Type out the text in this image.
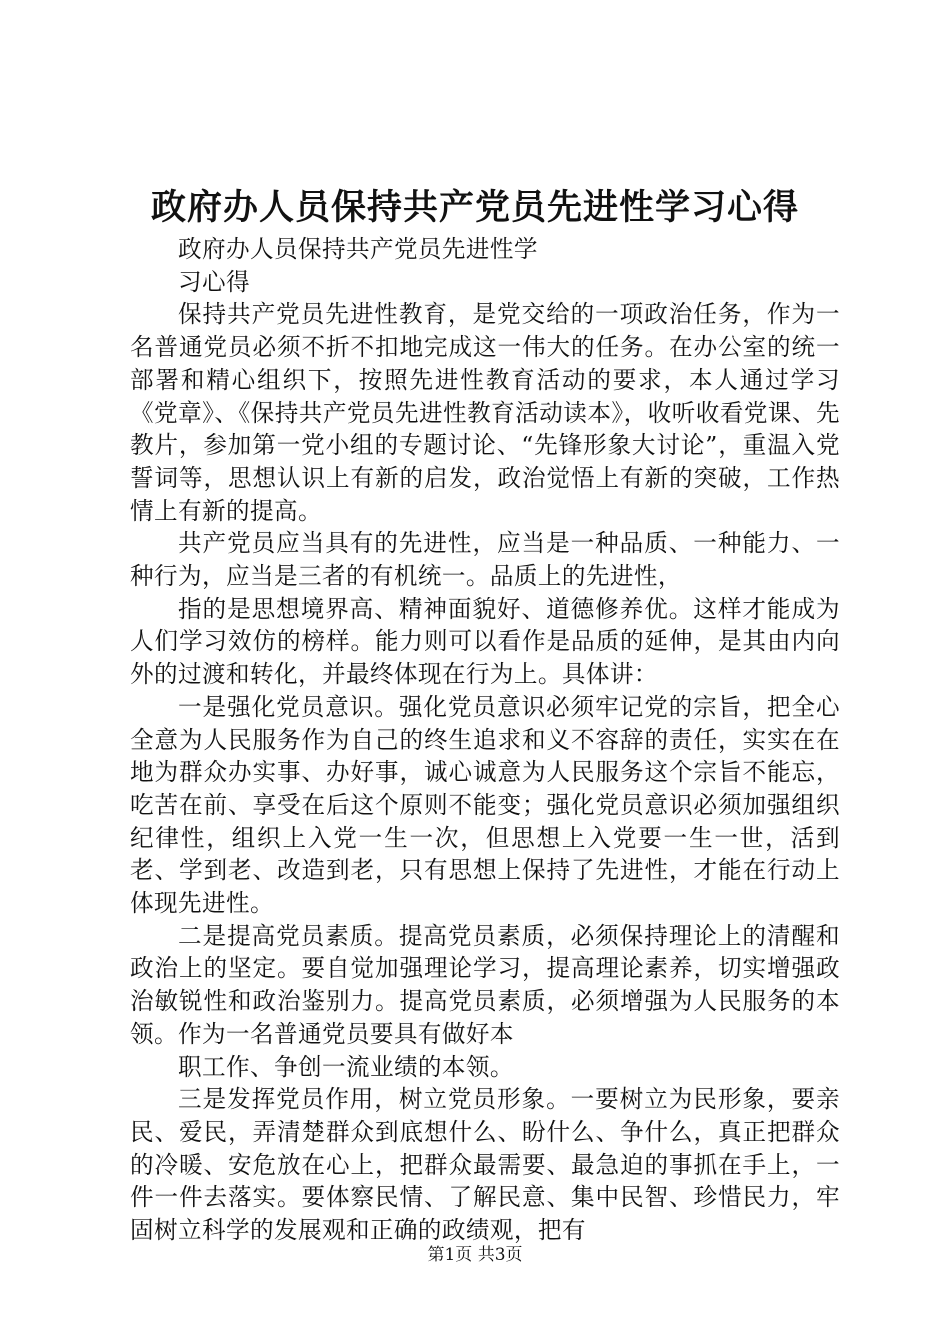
政府办人员保持共产党员先进性学习心得

政府办人员保持共产党员先进性学

习心得

保持共产党员先进性教育，是党交给的一项政治任务，作为一名普通党员必须不折不扣地完成这一伟大的任务。在办公室的统一部署和精心组织下，按照先进性教育活动的要求，本人通过学习《党章》、《保持共产党员先进性教育活动读本》，收听收看党课、先教片，参加第一党小组的专题讨论、“先锋形象大讨论”，重温入党誓词等，思想认识上有新的启发，政治觉悟上有新的突破，工作热情上有新的提高。

共产党员应当具有的先进性，应当是一种品质、一种能力、一种行为，应当是三者的有机统一。品质上的先进性，

指的是思想境界高、精神面貌好、道德修养优。这样才能成为人们学习效仿的榜样。能力则可以看作是品质的延伸，是其由内向外的过渡和转化，并最终体现在行为上。具体讲：

一是强化党员意识。强化党员意识必须牢记党的宗旨，把全心全意为人民服务作为自己的终生追求和义不容辞的责任，实实在在地为群众办实事、办好事，诚心诚意为人民服务这个宗旨不能忘，吃苦在前、享受在后这个原则不能变；强化党员意识必须加强组织纪律性，组织上入党一生一次，但思想上入党要一生一世，活到老、学到老、改造到老，只有思想上保持了先进性，才能在行动上体现先进性。

二是提高党员素质。提高党员素质，必须保持理论上的清醒和政治上的坚定。要自觉加强理论学习，提高理论素养，切实增强政治敏锐性和政治鉴别力。提高党员素质，必须增强为人民服务的本领。作为一名普通党员要具有做好本

职工作、争创一流业绩的本领。

三是发挥党员作用，树立党员形象。一要树立为民形象，要亲民、爱民，弄清楚群众到底想什么、盼什么、争什么，真正把群众的冷暖、安危放在心上，把群众最需要、最急迫的事抓在手上，一件一件去落实。要体察民情、了解民意、集中民智、珍惜民力，牢固树立科学的发展观和正确的政绩观，把有

第1页 共3页
